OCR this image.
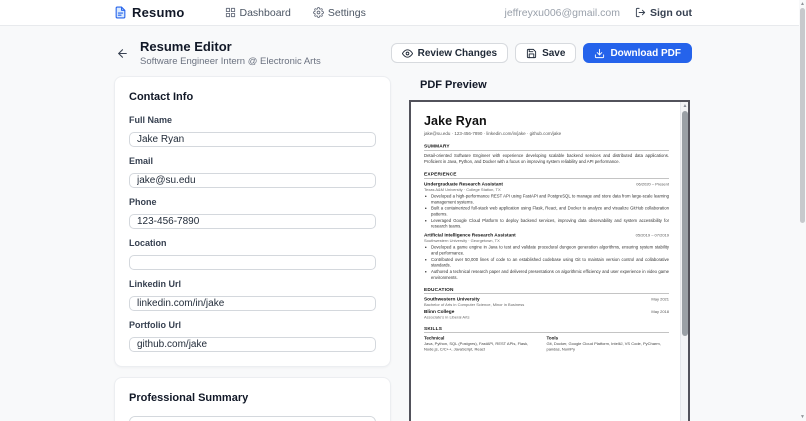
Resumo	Dashboard	Settings	jeffreyxu006@gmail.com	Sign out
Resume Editor
Software Engineer Intern @ Electronic Arts
Review Changes	Save	Download PDF
Contact Info
Full Name
Jake Ryan
Email
jake@su.edu
Phone
123-456-7890
Location
Linkedin Url
linkedin.com/in/jake
Portfolio Url
github.com/jake
Professional Summary
Detail-oriented Software Engineer with experience developing scalable backend services and distributed data applications. Proficient in Java, Python, and Docker with a focus on improving system reliability and API performance.
PDF Preview
Jake Ryan
jake@su.edu · 123-456-7890 · linkedin.com/in/jake · github.com/jake
SUMMARY
Detail-oriented Software Engineer with experience developing scalable backend services and distributed data applications. Proficient in Java, Python, and Docker with a focus on improving system reliability and API performance.
EXPERIENCE
Undergraduate Research Assistant	06/2020 – Present
Texas A&M University · College Station, TX
• Developed a high-performance REST API using FastAPI and PostgreSQL to manage and store data from large-scale learning management systems.
• Built a containerized full-stack web application using Flask, React, and Docker to analyze and visualize GitHub collaboration patterns.
• Leveraged Google Cloud Platform to deploy backend services, improving data observability and system accessibility for research teams.
Artificial Intelligence Research Assistant	05/2019 – 07/2019
Southwestern University · Georgetown, TX
• Developed a game engine in Java to test and validate procedural dungeon generation algorithms, ensuring system stability and performance.
• Contributed over 50,000 lines of code to an established codebase using Git to maintain version control and collaborative standards.
• Authored a technical research paper and delivered presentations on algorithmic efficiency and user experience in video game environments.
EDUCATION
Southwestern University	May 2021
Bachelor of Arts in Computer Science, Minor in Business
Blinn College	May 2018
Associate's in Liberal Arts
SKILLS
Technical
Java, Python, SQL (Postgres), FastAPI, REST APIs, Flask, Node.js, C/C++, JavaScript, React
Tools
Git, Docker, Google Cloud Platform, IntelliJ, VS Code, PyCharm, pandas, NumPy
▲
▲
▼
